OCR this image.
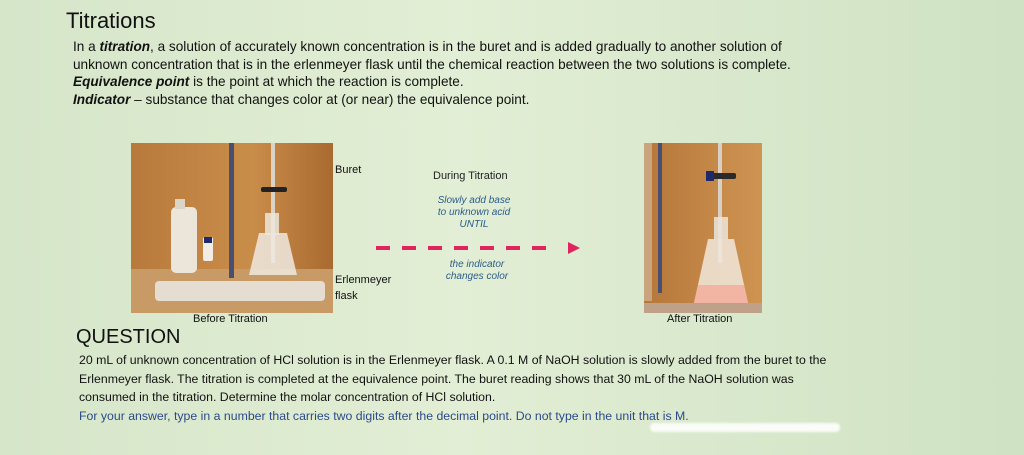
Titrations

In a titration, a solution of accurately known concentration is in the buret and is added gradually to another solution of unknown concentration that is in the erlenmeyer flask until the chemical reaction between the two solutions is complete.

Equivalence point is the point at which the reaction is complete.

Indicator – substance that changes color at (or near) the equivalence point.

Buret
Erlenmeyer
flask
During Titration
Slowly add base
to unknown acid
UNTIL
the indicator
changes color
Before Titration	After Titration
QUESTION

20 mL of unknown concentration of HCl solution is in the Erlenmeyer flask. A 0.1 M of NaOH solution is slowly added from the buret to the Erlenmeyer flask. The titration is completed at the equivalence point. The buret reading shows that 30 mL of the NaOH solution was consumed in the titration. Determine the molar concentration of HCl solution.

For your answer, type in a number that carries two digits after the decimal point. Do not type in the unit that is M.
